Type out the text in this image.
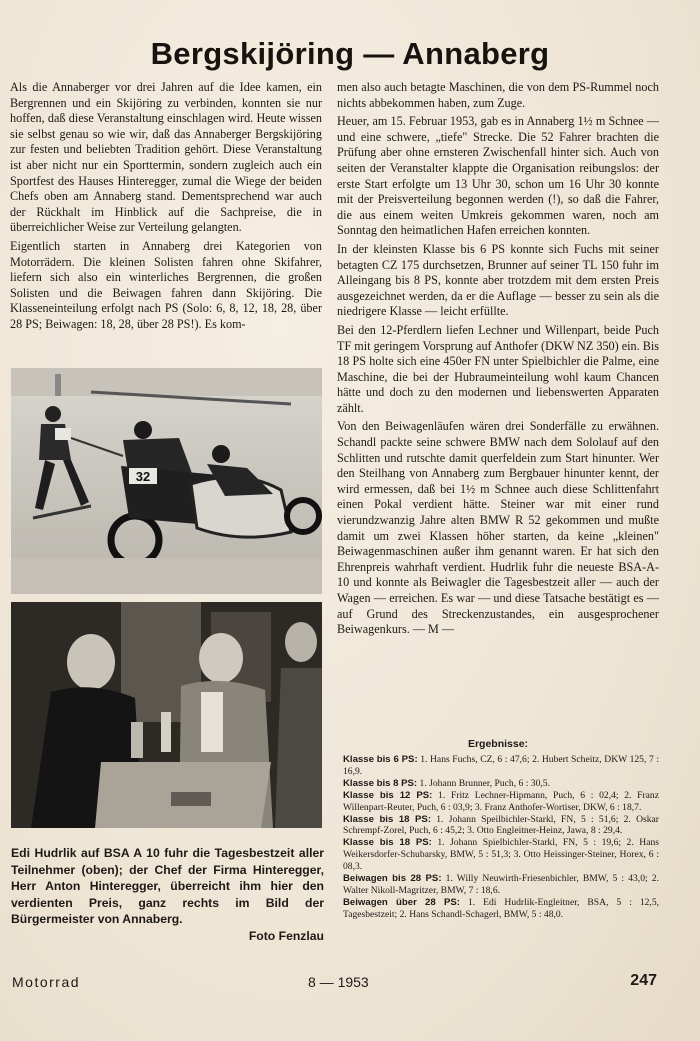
Bergskijöring — Annaberg

Als die Annaberger vor drei Jahren auf die Idee kamen, ein Bergrennen und ein Skijöring zu verbinden, konnten sie nur hoffen, daß diese Veranstaltung einschlagen wird. Heute wissen sie selbst genau so wie wir, daß das Annaberger Bergskijöring zur festen und beliebten Tradition gehört. Diese Veranstaltung ist aber nicht nur ein Sporttermin, sondern zugleich auch ein Sportfest des Hauses Hinteregger, zumal die Wiege der beiden Chefs oben am Annaberg stand. Dementsprechend war auch der Rückhalt im Hinblick auf die Sachpreise, die in überreichlicher Weise zur Verteilung gelangten.

Eigentlich starten in Annaberg drei Kategorien von Motorrädern. Die kleinen Solisten fahren ohne Skifahrer, liefern sich also ein winterliches Bergrennen, die großen Solisten und die Beiwagen fahren dann Skijöring. Die Klasseneinteilung erfolgt nach PS (Solo: 6, 8, 12, 18, 28, über 28 PS; Beiwagen: 18, 28, über 28 PS!). Es kom-

32
Edi Hudrlik auf BSA A 10 fuhr die Tagesbestzeit aller Teilnehmer (oben); der Chef der Firma Hinteregger, Herr Anton Hinteregger, überreicht ihm hier den verdienten Preis, ganz rechts im Bild der Bürgermeister von Annaberg.
Foto Fenzlau

men also auch betagte Maschinen, die von dem PS-Rummel noch nichts abbekommen haben, zum Zuge.

Heuer, am 15. Februar 1953, gab es in Annaberg 1½ m Schnee — und eine schwere, „tiefe" Strecke. Die 52 Fahrer brachten die Prüfung aber ohne ernsteren Zwischenfall hinter sich. Auch von seiten der Veranstalter klappte die Organisation reibungslos: der erste Start erfolgte um 13 Uhr 30, schon um 16 Uhr 30 konnte mit der Preisverteilung begonnen werden (!), so daß die Fahrer, die aus einem weiten Umkreis gekommen waren, noch am Sonntag den heimatlichen Hafen erreichen konnten.

In der kleinsten Klasse bis 6 PS konnte sich Fuchs mit seiner betagten CZ 175 durchsetzen, Brunner auf seiner TL 150 fuhr im Alleingang bis 8 PS, konnte aber trotzdem mit dem ersten Preis ausgezeichnet werden, da er die Auflage — besser zu sein als die niedrigere Klasse — leicht erfüllte.

Bei den 12-Pferdlern liefen Lechner und Willenpart, beide Puch TF mit geringem Vorsprung auf Anthofer (DKW NZ 350) ein. Bis 18 PS holte sich eine 450er FN unter Spielbichler die Palme, eine Maschine, die bei der Hubraumeinteilung wohl kaum Chancen hätte und doch zu den modernen und liebenswerten Apparaten zählt.

Von den Beiwagenläufen wären drei Sonderfälle zu erwähnen. Schandl packte seine schwere BMW nach dem Sololauf auf den Schlitten und rutschte damit querfeldein zum Start hinunter. Wer den Steilhang von Annaberg zum Bergbauer hinunter kennt, der wird ermessen, daß bei 1½ m Schnee auch diese Schlittenfahrt einen Pokal verdient hätte. Steiner war mit einer rund vierundzwanzig Jahre alten BMW R 52 gekommen und mußte damit um zwei Klassen höher starten, da keine „kleinen" Beiwagenmaschinen außer ihm genannt waren. Er hat sich den Ehrenpreis wahrhaft verdient. Hudrlik fuhr die neueste BSA-A-10 und konnte als Beiwagler die Tagesbestzeit aller — auch der Wagen — erreichen. Es war — und diese Tatsache bestätigt es — auf Grund des Streckenzustandes, ein ausgesprochener Beiwagenkurs. — M —

Ergebnisse:
Klasse bis 6 PS: 1. Hans Fuchs, CZ, 6 : 47,6; 2. Hubert Scheitz, DKW 125, 7 : 16,9.
Klasse bis 8 PS: 1. Johann Brunner, Puch, 6 : 30,5.
Klasse bis 12 PS: 1. Fritz Lechner-Hipmann, Puch, 6 : 02,4; 2. Franz Willenpart-Reuter, Puch, 6 : 03,9; 3. Franz Anthofer-Wortiser, DKW, 6 : 18,7.
Klasse bis 18 PS: 1. Johann Speilbichler-Starkl, FN, 5 : 51,6; 2. Oskar Schrempf-Zorel, Puch, 6 : 45,2; 3. Otto Engleitner-Heinz, Jawa, 8 : 29,4.
Klasse bis 18 PS: 1. Johann Spielbichler-Starkl, FN, 5 : 19,6; 2. Hans Weikersdorfer-Schubarsky, BMW, 5 : 51,3; 3. Otto Heissinger-Steiner, Horex, 6 : 08,3.
Beiwagen bis 28 PS: 1. Willy Neuwirth-Friesenbichler, BMW, 5 : 43,0; 2. Walter Nikoll-Magritzer, BMW, 7 : 18,6.
Beiwagen über 28 PS: 1. Edi Hudrlik-Engleitner, BSA, 5 : 12,5, Tagesbestzeit; 2. Hans Schandl-Schagerl, BMW, 5 : 48,0.
Motorrad	8 — 1953	247
